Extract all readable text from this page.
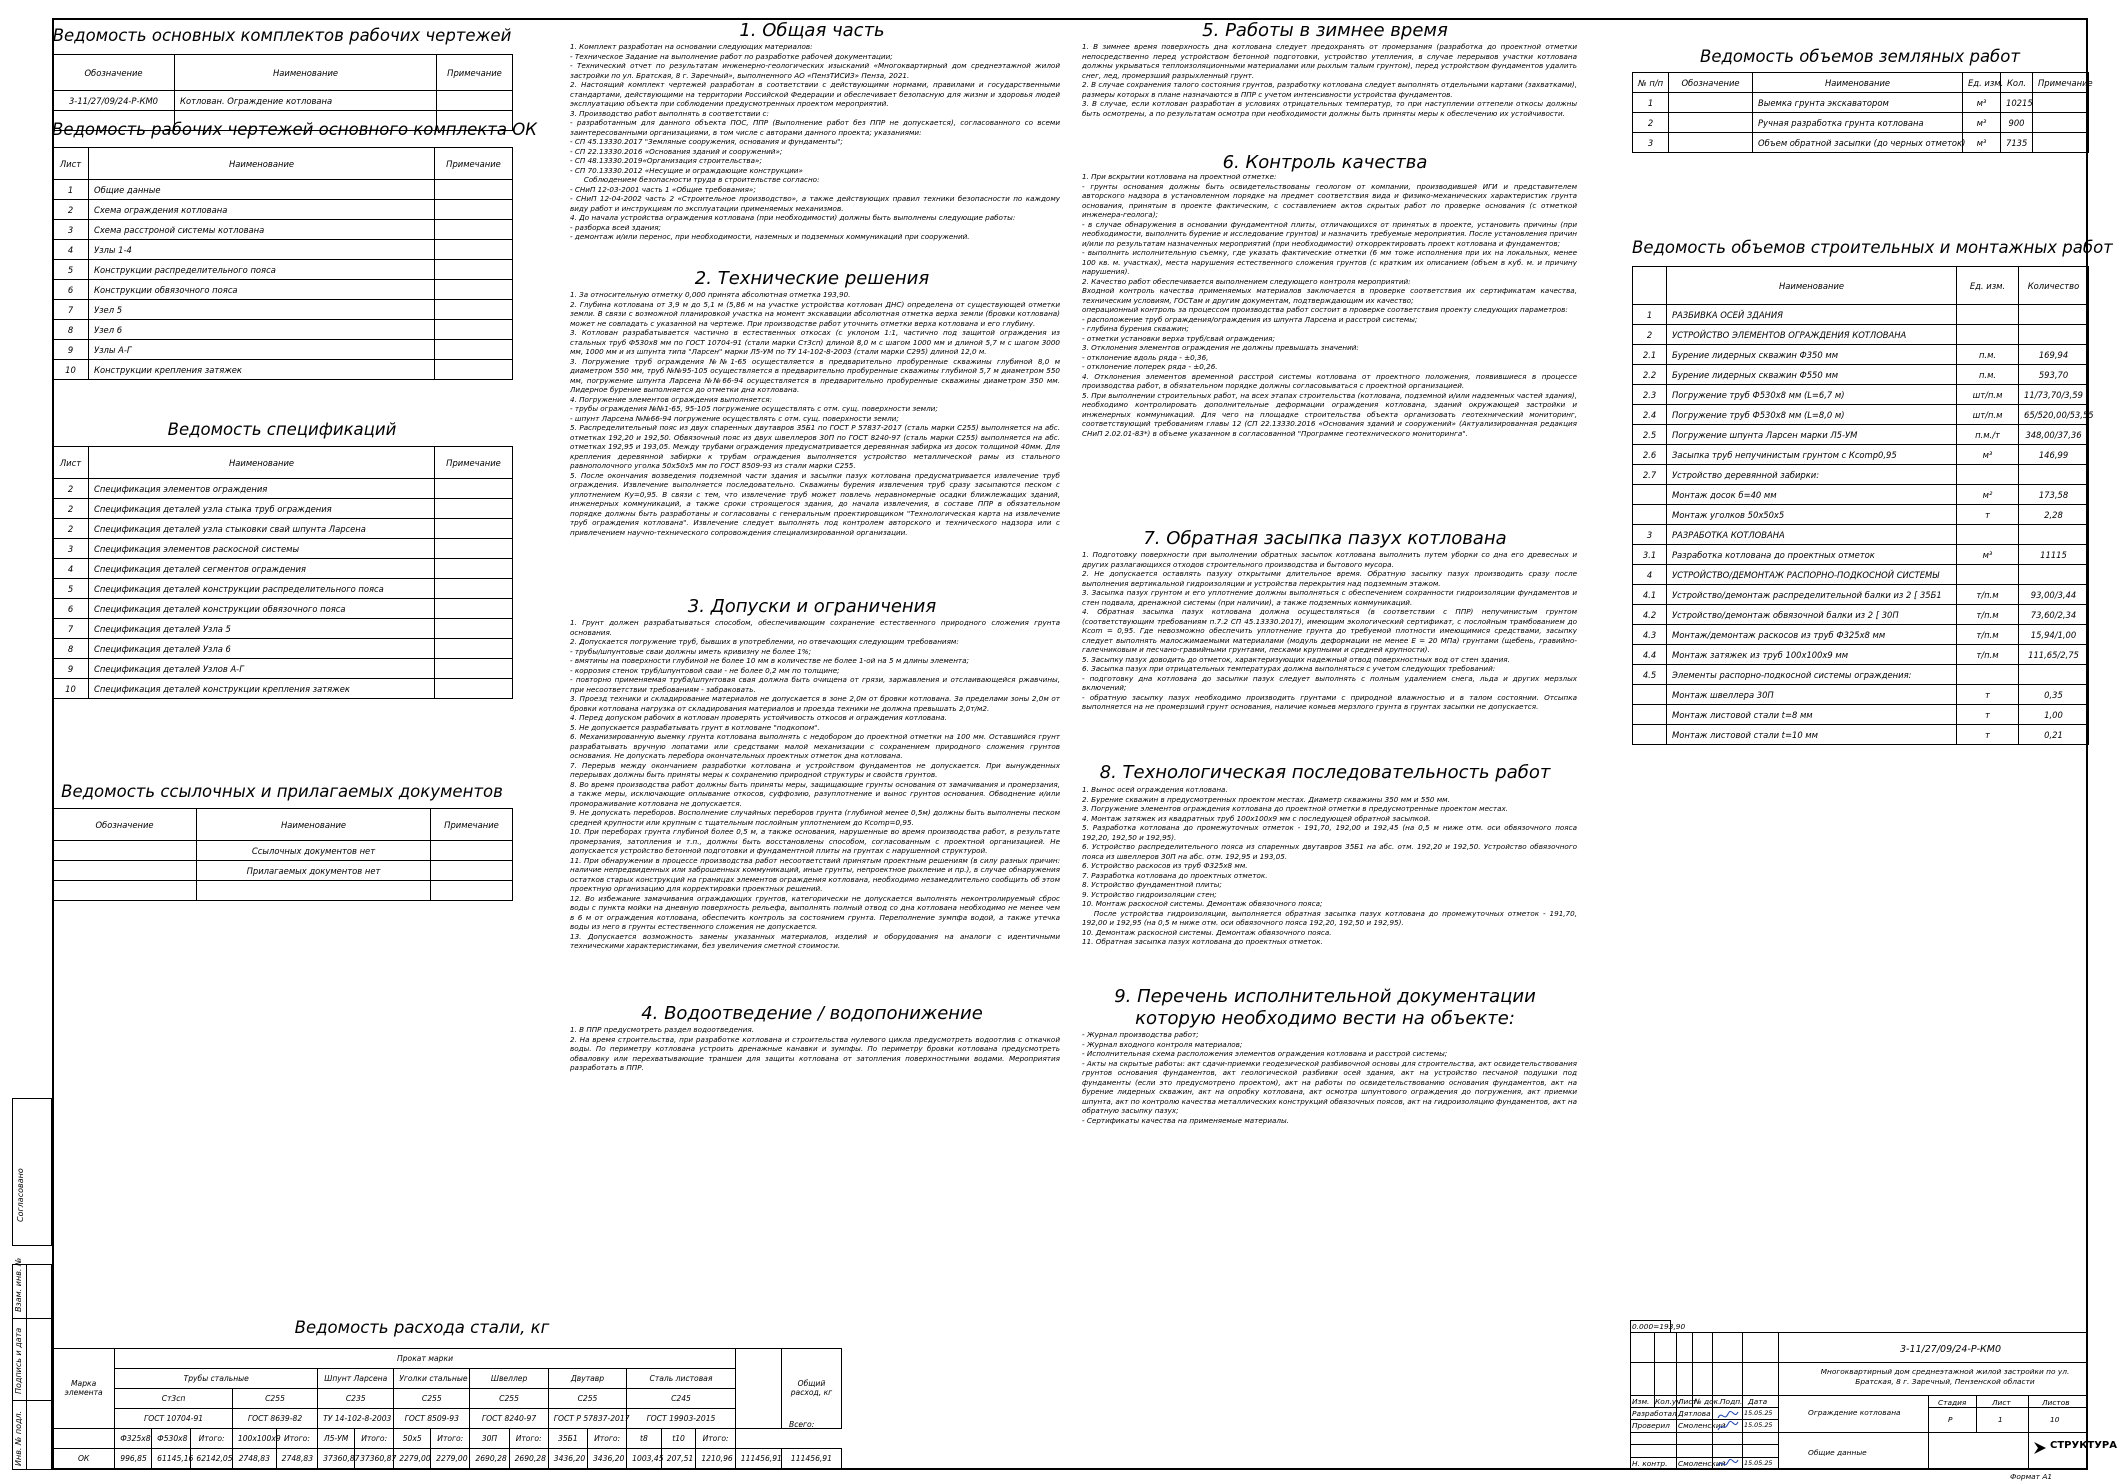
Ведомость основных комплектов рабочих чертежей
Обозначение	Наименование	Примечание
3-11/27/09/24-Р-КМ0	Котлован. Ограждение котлована	

Ведомость рабочих чертежей основного комплекта ОК
Лист	Наименование	Примечание
1	Общие данные	
2	Схема ограждения котлована	
3	Схема расстроной системы котлована	
4	Узлы 1-4	
5	Конструкции распределительного пояса	
6	Конструкции обвязочного пояса	
7	Узел 5	
8	Узел 6	
9	Узлы А-Г	
10	Конструкции крепления затяжек	
Ведомость спецификаций
Лист	Наименование	Примечание
2	Спецификация элементов ограждения	
2	Спецификация деталей узла стыка труб ограждения	
2	Спецификация деталей узла стыковки свай шпунта Ларсена	
3	Спецификация элементов раскосной системы	
4	Спецификация деталей сегментов ограждения	
5	Спецификация деталей конструкции распределительного пояса	
6	Спецификация деталей конструкции обвязочного пояса	
7	Спецификация деталей Узла 5	
8	Спецификация деталей Узла 6	
9	Спецификация деталей Узлов А-Г	
10	Спецификация деталей конструкции крепления затяжек	
Ведомость ссылочных и прилагаемых документов
Обозначение	Наименование	Примечание
	Ссылочных документов нет	
	Прилагаемых документов нет	

1. Общая часть
1. Комплект разработан на основании следующих материалов:
- Техническое Задание на выполнение работ по разработке рабочей документации;
- Технический отчет по результатам инженерно-геологических изысканий «Многоквартирный дом среднеэтажной жилой застройки по ул. Братская, 8 г. Заречный», выполненного АО «ПензТИСИЗ» Пенза, 2021.
2. Настоящий комплект чертежей разработан в соответствии с действующими нормами, правилами и государственными стандартами, действующими на территории Российской Федерации и обеспечивает безопасную для жизни и здоровья людей эксплуатацию объекта при соблюдении предусмотренных проектом мероприятий.
3. Производство работ выполнять в соответствии с:
- разработанным для данного объекта ПОС, ППР (Выполнение работ без ППР не допускается), согласованного со всеми заинтересованными организациями, в том числе с авторами данного проекта; указаниями:
- СП 45.13330.2017 "Земляные сооружения, основания и фундаменты";
- СП 22.13330.2016 «Основания зданий и сооружений»;
- СП 48.13330.2019«Организация строительства»;
- СП 70.13330.2012 «Несущие и ограждающие конструкции»
Соблюдением безопасности труда в строительстве согласно:
- СНиП 12-03-2001 часть 1 «Общие требования»;
- СНиП 12-04-2002 часть 2 «Строительное производство», а также действующих правил техники безопасности по каждому виду работ и инструкциям по эксплуатации применяемых механизмов.
4. До начала устройства ограждения котлована (при необходимости) должны быть выполнены следующие работы:
- разборка всей здания;
- демонтаж и/или перенос, при необходимости, наземных и подземных коммуникаций при сооружений.
2. Технические решения
1. За относительную отметку 0,000 принята абсолютная отметка 193,90.
2. Глубина котлована от 3,9 м до 5,1 м (5,86 м на участке устройства котлован ДНС) определена от существующей отметки земли. В связи с возможной планировкой участка на момент экскавации абсолютная отметка верха земли (бровки котлована) может не совпадать с указанной на чертеже. При производстве работ уточнить отметки верха котлована и его глубину.
3. Котлован разрабатывается частично в естественных откосах (с уклоном 1:1, частично под защитой ограждения из стальных труб Ф530х8 мм по ГОСТ 10704-91 (стали марки Ст3сп) длиной 8,0 м с шагом 1000 мм и длиной 5,7 м с шагом 3000 мм, 1000 мм и из шпунта типа "Ларсен" марки Л5-УМ по ТУ 14-102-8-2003 (стали марки С295) длиной 12,0 м.
3. Погружение труб ограждения №№1-65 осуществляется в предварительно пробуренные скважины глубиной 8,0 м диаметром 550 мм, труб №№95-105 осуществляется в предварительно пробуренные скважины глубиной 5,7 м диаметром 550 мм, погружение шпунта Ларсена №№66-94 осуществляется в предварительно пробуренные скважины диаметром 350 мм. Лидерное бурение выполняется до отметки дна котлована.
4. Погружение элементов ограждения выполняется:
- трубы ограждения №№1-65, 95-105 погружение осуществлять с отм. сущ. поверхности земли;
- шпунт Ларсена №№66-94 погружение осуществлять с отм. сущ. поверхности земли;
5. Распределительный пояс из двух спаренных двутавров 35Б1 по ГОСТ Р 57837-2017 (сталь марки С255) выполняется на абс. отметках 192,20 и 192,50. Обвязочный пояс из двух швеллеров 30П по ГОСТ 8240-97 (сталь марки С255) выполняется на абс. отметках 192,95 и 193,05. Между трубами ограждения предусматривается деревянная забирка из досок толщиной 40мм. Для крепления деревянной забирки к трубам ограждения выполняется устройство металлической рамы из стального равнополочного уголка 50х50х5 мм по ГОСТ 8509-93 из стали марки С255.
5. После окончания возведения подземной части здания и засыпки пазух котлована предусматривается извлечение труб ограждения. Извлечение выполняется последовательно. Скважины бурения извлечения труб сразу засыпаются песком с уплотнением Ку=0,95. В связи с тем, что извлечение труб может повлечь неравномерные осадки ближлежащих зданий, инженерных коммуникаций, а также сроки строящегося здания, до начала извлечения, в составе ППР в обязательном порядке должны быть разработаны и согласованы с генеральным проектировщиком "Технологическая карта на извлечение труб ограждения котлована". Извлечение следует выполнять под контролем авторского и технического надзора или с привлечением научно-технического сопровождения специализированной организации.
3. Допуски и ограничения
1. Грунт должен разрабатываться способом, обеспечивающим сохранение естественного природного сложения грунта основания.
2. Допускается погружение труб, бывших в употреблении, но отвечающих следующим требованиям:
- трубы/шпунтовые сваи должны иметь кривизну не более 1%;
- вмятины на поверхности глубиной не более 10 мм в количестве не более 1-ой на 5 м длины элемента;
- коррозия стенок труб/шпунтовой сваи - не более 0,2 мм по толщине;
- повторно применяемая труба/шпунтовая свая должна быть очищена от грязи, заржавления и отслаивающейся ржавчины, при несоответствии требованиям - забраковать.
3. Проезд техники и складирование материалов не допускается в зоне 2,0м от бровки котлована. За пределами зоны 2,0м от бровки котлована нагрузка от складирования материалов и проезда техники не должна превышать 2,0т/м2.
4. Перед допуском рабочих в котлован проверять устойчивость откосов и ограждения котлована.
5. Не допускается разрабатывать грунт в котловане "подкопом".
6. Механизированную выемку грунта котлована выполнять с недобором до проектной отметки на 100 мм. Оставшийся грунт разрабатывать вручную лопатами или средствами малой механизации с сохранением природного сложения грунтов основания. Не допускать перебора окончательных проектных отметок дна котлована.
7. Перерыв между окончанием разработки котлована и устройством фундаментов не допускается. При вынужденных перерывах должны быть приняты меры к сохранению природной структуры и свойств грунтов.
8. Во время производства работ должны быть приняты меры, защищающие грунты основания от замачивания и промерзания, а также меры, исключающие оплывание откосов, суффозию, разуплотнение и вынос грунтов основания. Обводнение и/или промораживание котлована не допускается.
9. Не допускать переборов. Восполнение случайных переборов грунта (глубиной менее 0,5м) должны быть выполнены песком средней крупности или крупным с тщательным послойным уплотнением до Ксоmp=0,95.
10. При переборах грунта глубиной более 0,5 м, а также основания, нарушенные во время производства работ, в результате промерзания, затопления и т.п., должны быть восстановлены способом, согласованным с проектной организацией. Не допускается устройство бетонной подготовки и фундаментной плиты на грунтах с нарушенной структурой.
11. При обнаружении в процессе производства работ несоответствий принятым проектным решениям (в силу разных причин: наличие непредвиденных или заброшенных коммуникаций, иные грунты, непроектное рыхление и пр.), в случае обнаружения остатков старых конструкций на границах элементов ограждения котлована, необходимо незамедлительно сообщить об этом проектную организацию для корректировки проектных решений.
12. Во избежание замачивания ограждающих грунтов, категорически не допускается выполнять неконтролируемый сброс воды с пункта мойки на дневную поверхность рельефа, выполнять полный отвод со дна котлована необходимо не менее чем в 6 м от ограждения котлована, обеспечить контроль за состоянием грунта. Переполнение зумпфа водой, а также утечка воды из него в грунты естественного сложения не допускается.
13. Допускается возможность замены указанных материалов, изделий и оборудования на аналоги с идентичными техническими характеристиками, без увеличения сметной стоимости.
4. Водоотведение / водопонижение
1. В ППР предусмотреть раздел водоотведения.
2. На время строительства, при разработке котлована и строительства нулевого цикла предусмотреть водоотлив с откачкой воды. По периметру котлована устроить дренажные канавки и зумпфы. По периметру бровки котлована предусмотреть обваловку или перехватывающие траншеи для защиты котлована от затопления поверхностными водами. Мероприятия разработать в ППР.
5. Работы в зимнее время
1. В зимнее время поверхность дна котлована следует предохранять от промерзания (разработка до проектной отметки непосредственно перед устройством бетонной подготовки, устройство утепления, в случае перерывов участки котлована должны укрываться теплоизоляционными материалами или рыхлым талым грунтом), перед устройством фундаментов удалить снег, лед, промерзший разрыхленный грунт.
2. В случае сохранения талого состояния грунтов, разработку котлована следует выполнять отдельными картами (захватками), размеры которых в плане назначаются в ППР с учетом интенсивности устройства фундаментов.
3. В случае, если котлован разработан в условиях отрицательных температур, то при наступлении оттепели откосы должны быть осмотрены, а по результатам осмотра при необходимости должны быть приняты меры к обеспечению их устойчивости.
6. Контроль качества
1. При вскрытии котлована на проектной отметке:
- грунты основания должны быть освидетельствованы геологом от компании, производившей ИГИ и представителем авторского надзора в установленном порядке на предмет соответствия вида и физико-механических характеристик грунта основания, принятым в проекте фактическим, с составлением актов скрытых работ по проверке основания (с отметкой инженера-геолога);
- в случае обнаружения в основании фундаментной плиты, отличающихся от принятых в проекте, установить причины (при необходимости, выполнить бурение и исследование грунтов) и назначить требуемые мероприятия. После установления причин и/или по результатам назначенных мероприятий (при необходимости) откорректировать проект котлована и фундаментов;
- выполнить исполнительную съемку, где указать фактические отметки (6 мм тоже исполнения при их на локальных, менее 100 кв. м. участках), места нарушения естественного сложения грунтов (с кратким их описанием (объем в куб. м. и причину нарушения).
2. Качество работ обеспечивается выполнением следующего контроля мероприятий:
Входной контроль качества применяемых материалов заключается в проверке соответствия их сертификатам качества, техническим условиям, ГОСТам и другим документам, подтверждающим их качество;
операционный контроль за процессом производства работ состоит в проверке соответствия проекту следующих параметров:
- расположение труб ограждения/ограждения из шпунта Ларсена и расстрой системы;
- глубина бурения скважин;
- отметки установки верха труб/свай ограждения;
3. Отклонения элементов ограждения не должны превышать значений:
- отклонение вдоль ряда - ±0,36,
- отклонение поперек ряда - ±0,26.
4. Отклонения элементов временной расстрой системы котлована от проектного положения, появившиеся в процессе производства работ, в обязательном порядке должны согласовываться с проектной организацией.
5. При выполнении строительных работ, на всех этапах строительства (котлована, подземной и/или надземных частей здания), необходимо контролировать дополнительные деформации ограждения котлована, зданий окружающей застройки и инженерных коммуникаций. Для чего на площадке строительства объекта организовать геотехнический мониторинг, соответствующий требованиям главы 12 (СП 22.13330.2016 «Основания зданий и сооружений» (Актуализированная редакция СНиП 2.02.01-83*) в объеме указанном в согласованной "Программе геотехнического мониторинга".
7. Обратная засыпка пазух котлована
1. Подготовку поверхности при выполнении обратных засыпок котлована выполнить путем уборки со дна его древесных и других разлагающихся отходов строительного производства и бытового мусора.
2. Не допускается оставлять пазуху открытыми длительное время. Обратную засыпку пазух производить сразу после выполнения вертикальной гидроизоляции и устройства перекрытия над подземным этажом.
3. Засыпка пазух грунтом и его уплотнение должны выполняться с обеспечением сохранности гидроизоляции фундаментов и стен подвала, дренажной системы (при наличии), а также подземных коммуникаций.
4. Обратная засыпка пазух котлована должна осуществляться (в соответствии с ППР) непучинистым грунтом (соответствующим требованиям п.7.2 СП 45.13330.2017), имеющим экологический сертификат, с послойным трамбованием до Ксоm = 0,95. Где невозможно обеспечить уплотнение грунта до требуемой плотности имеющимися средствами, засыпку следует выполнять малосжимаемыми материалами (модуль деформации не менее Е = 20 МПа) грунтами (щебень, гравийно-галечниковым и песчано-гравийными грунтами, песками крупными и средней крупности).
5. Засыпку пазух доводить до отметок, характеризующих надежный отвод поверхностных вод от стен здания.
6. Засыпка пазух при отрицательных температурах должна выполняться с учетом следующих требований:
- подготовку дна котлована до засыпки пазух следует выполнять с полным удалением снега, льда и других мерзлых включений;
- обратную засыпку пазух необходимо производить грунтами с природной влажностью и в талом состоянии. Отсыпка выполняется на не промерзший грунт основания, наличие комьев мерзлого грунта в грунтах засыпки не допускается.
8. Технологическая последовательность работ
1. Вынос осей ограждения котлована.
2. Бурение скважин в предусмотренных проектом местах. Диаметр скважины 350 мм и 550 мм.
3. Погружение элементов ограждения котлована до проектной отметки в предусмотренные проектом местах.
4. Монтаж затяжек из квадратных труб 100х100х9 мм с последующей обратной засыпкой.
5. Разработка котлована до промежуточных отметок - 191,70, 192,00 и 192,45 (на 0,5 м ниже отм. оси обвязочного пояса 192,20, 192,50 и 192,95).
6. Устройство распределительного пояса из спаренных двутавров 35Б1 на абс. отм. 192,20 и 192,50. Устройство обвязочного пояса из швеллеров 30П на абс. отм. 192,95 и 193,05.
6. Устройство раскосов из труб Ф325х8 мм.
7. Разработка котлована до проектных отметок.
8. Устройство фундаментной плиты;
9. Устройство гидроизоляции стен;
10. Монтаж раскосной системы. Демонтаж обвязочного пояса;
После устройства гидроизоляции, выполняется обратная засыпка пазух котлована до промежуточных отметок - 191,70, 192,00 и 192,95 (на 0,5 м ниже отм. оси обвязочного пояса 192,20, 192,50 и 192,95).
10. Демонтаж раскосной системы. Демонтаж обвязочного пояса.
11. Обратная засыпка пазух котлована до проектных отметок.
9. Перечень исполнительной документации которую необходимо вести на объекте:
- Журнал производства работ;
- Журнал входного контроля материалов;
- Исполнительная схема расположения элементов ограждения котлована и расстрой системы;
- Акты на скрытые работы: акт сдачи-приемки геодезической разбивочной основы для строительства, акт освидетельствования грунтов основания фундаментов, акт геологической разбивки осей здания, акт на устройство песчаной подушки под фундаменты (если это предусмотрено проектом), акт на работы по освидетельствованию основания фундаментов, акт на бурение лидерных скважин, акт на опробку котлована, акт осмотра шпунтового ограждения до погружения, акт приемки шпунта, акт по контролю качества металлических конструкций обвязочных поясов, акт на гидроизоляцию фундаментов, акт на обратную засыпку пазух;
- Сертификаты качества на применяемые материалы.
Ведомость объемов земляных работ
№ п/п	Обозначение	Наименование	Ед. изм.	Кол.	Примечание
1		Выемка грунта экскаватором	м³	10215	
2		Ручная разработка грунта котлована	м³	900	
3		Объем обратной засыпки (до черных отметок)	м³	7135	
Ведомость объемов строительных и монтажных работ
	Наименование	Ед. изм.	Количество
1	РАЗБИВКА ОСЕЙ ЗДАНИЯ		
2	УСТРОЙСТВО ЭЛЕМЕНТОВ ОГРАЖДЕНИЯ КОТЛОВАНА		
2.1	Бурение лидерных скважин Ф350 мм	п.м.	169,94
2.2	Бурение лидерных скважин Ф550 мм	п.м.	593,70
2.3	Погружение труб Ф530х8 мм (L=6,7 м)	шт/п.м	11/73,70/3,59
2.4	Погружение труб Ф530х8 мм (L=8,0 м)	шт/п.м	65/520,00/53,55
2.5	Погружение шпунта Ларсен марки Л5-УМ	п.м./т	348,00/37,36
2.6	Засыпка труб непучинистым грунтом с Ксоmp0,95	м³	146,99
2.7	Устройство деревянной забирки:		
	Монтаж досок б=40 мм	м²	173,58
	Монтаж уголков 50х50х5	т	2,28
3	РАЗРАБОТКА КОТЛОВАНА		
3.1	Разработка котлована до проектных отметок	м³	11115
4	УСТРОЙСТВО/ДЕМОНТАЖ РАСПОРНО-ПОДКОСНОЙ СИСТЕМЫ		
4.1	Устройство/демонтаж распределительной балки из 2 [ 35Б1	т/п.м	93,00/3,44
4.2	Устройство/демонтаж обвязочной балки из 2 [ 30П	т/п.м	73,60/2,34
4.3	Монтаж/демонтаж раскосов из труб Ф325х8 мм	т/п.м	15,94/1,00
4.4	Монтаж затяжек из труб 100х100х9 мм	т/п.м	111,65/2,75
4.5	Элементы распорно-подкосной системы ограждения:		
	Монтаж швеллера 30П	т	0,35
	Монтаж листовой стали t=8 мм	т	1,00
	Монтаж листовой стали t=10 мм	т	0,21
Ведомость расхода стали, кг
Марка элемента	Прокат марки																	Общий расход, кг
	Трубы стальные					Шпунт Ларсена		Уголки стальные		Швеллер		Двутавр		Сталь листовая				
	Ст3сп			С255		С235		С255		С255		С255		С245				
	ГОСТ 10704-91			ГОСТ 8639-82		ТУ 14-102-8-2003		ГОСТ 8509-93		ГОСТ 8240-97		ГОСТ Р 57837-2017		ГОСТ 19903-2015				
	Ф325х8	Ф530х8	Итого:	100х100х9	Итого:	Л5-УМ	Итого:	50х5	Итого:	30П	Итого:	35Б1	Итого:	t8	t10	Итого:		
ОК	996,85	61145,16	62142,05	2748,83	2748,83	37360,87	37360,87	2279,00	2279,00	2690,28	2690,28	3436,20	3436,20	1003,45	207,51	1210,96	111456,91	111456,91
Всего:
Согласовано
Взам. инв. №
Подпись и дата
Инв. № подл.
0.000=193,90
3-11/27/09/24-Р-КМ0
Многоквартирный дом среднеэтажной жилой застройки по ул. Братская, 8 г. Заречный, Пензенской области
Ограждение котлована
Общие данные
Стадия	Лист	Листов
Р	1	10
Изм. Кол.уч
Лист
№ док. Подп. Дата
Разработал Дятлова	15.05.25
Проверил Смоленский	15.05.25
Н. контр. Смоленский	15.05.25
СТРУКТУРА
Формат А1
